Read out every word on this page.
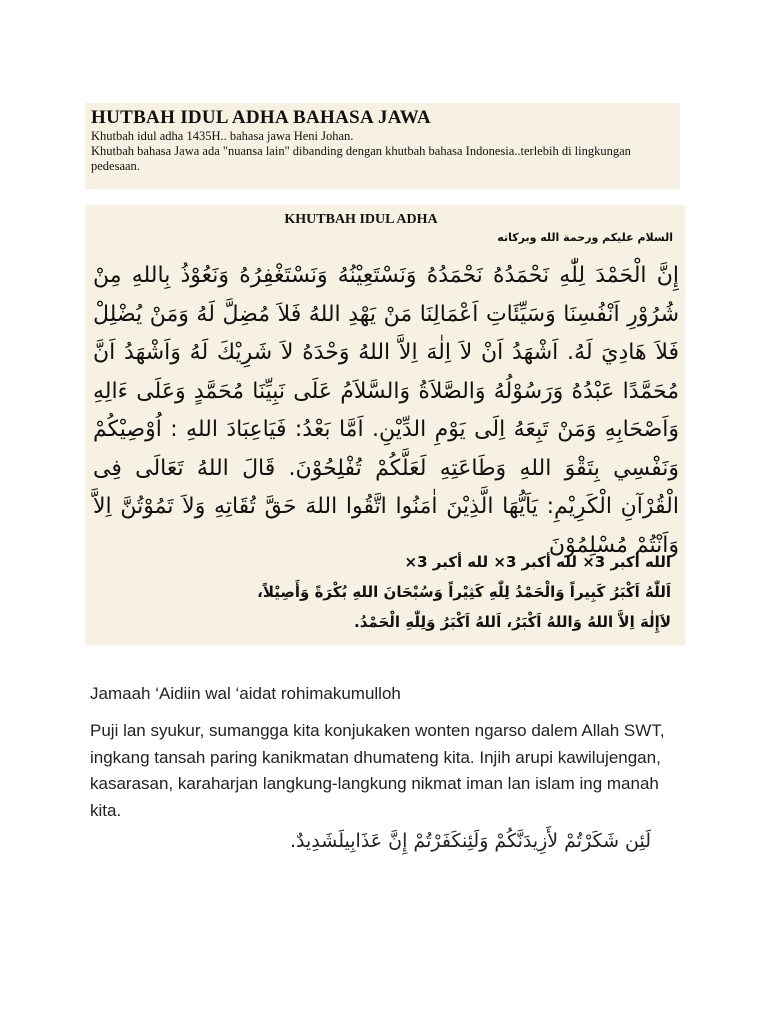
HUTBAH IDUL ADHA BAHASA JAWA

Khutbah idul adha 1435H.. bahasa jawa Heni Johan.

Khutbah bahasa Jawa ada "nuansa lain" dibanding dengan khutbah bahasa Indonesia..terlebih di lingkungan pedesaan.

KHUTBAH IDUL ADHA
السلام عليكم ورحمة الله وبركاته
إِنَّ الْحَمْدَ لِلّٰهِ نَحْمَدُهُ نَحْمَدُهُ وَنَسْتَعِيْنُهُ وَنَسْتَغْفِرُهُ وَنَعُوْذُ بِاللهِ مِنْ شُرُوْرِ اَنْفُسِنَا وَسَيِّئَاتِ اَعْمَالِنَا مَنْ يَهْدِ اللهُ فَلاَ مُضِلَّ لَهُ وَمَنْ يُضْلِلْ فَلاَ هَادِيَ لَهُ. اَشْهَدُ اَنْ لاَ اِلٰهَ اِلاَّ اللهُ وَحْدَهُ لاَ شَرِيْكَ لَهُ وَاَشْهَدُ اَنَّ مُحَمَّدًا عَبْدُهُ وَرَسُوْلُهُ وَالصَّلاَةُ وَالسَّلاَمُ عَلَى نَبِيِّنَا مُحَمَّدٍ وَعَلَى ءَالِهِ وَاَصْحَابِهِ وَمَنْ تَبِعَهُ اِلَى يَوْمِ الدِّيْنِ. اَمَّا بَعْدُ: فَيَاعِبَادَ اللهِ : اُوْصِيْكُمْ وَنَفْسِي بِتَقْوَ اللهِ وَطَاعَتِهِ لَعَلَّكُمْ تُفْلِحُوْنَ. قَالَ اللهُ تَعَالَى فِى الْقُرْآنِ الْكَرِيْمِ: يَاَيُّهَا الَّذِيْنَ اٰمَنُوا اتَّقُوا اللهَ حَقَّ تُقَاتِهِ وَلاَ تَمُوْتُنَّ اِلاَّ وَاَنْتُمْ مُسْلِمُوْنَ
الله أكبر 3× لله أكبر 3× لله أكبر 3×
اَللّٰهُ اَكْبَرُ كَبِيراً وَالْحَمْدُ لِلّٰهِ كَثِيْراً وَسُبْحَانَ اللهِ بُكْرَةً وَأَصِيْلاً،
لاَإِلٰهَ اِلاَّ اللهُ وَاللهُ اَكْبَرُ، اَللهُ اَكْبَرُ وَلِلّٰهِ الْحَمْدُ.
Jamaah ‘Aidiin wal ‘aidat rohimakumulloh
Puji lan syukur, sumangga kita konjukaken wonten ngarso dalem Allah SWT, ingkang tansah paring kanikmatan dhumateng kita. Injih arupi kawilujengan, kasarasan, karaharjan langkung-langkung nikmat iman lan islam ing manah kita.
لَئِن شَكَرْتُمْ لأَزِيدَنَّكُمْ وَلَئِنكَفَرْتُمْ إِنَّ عَذَابِيلَشَدِيدٌ.
